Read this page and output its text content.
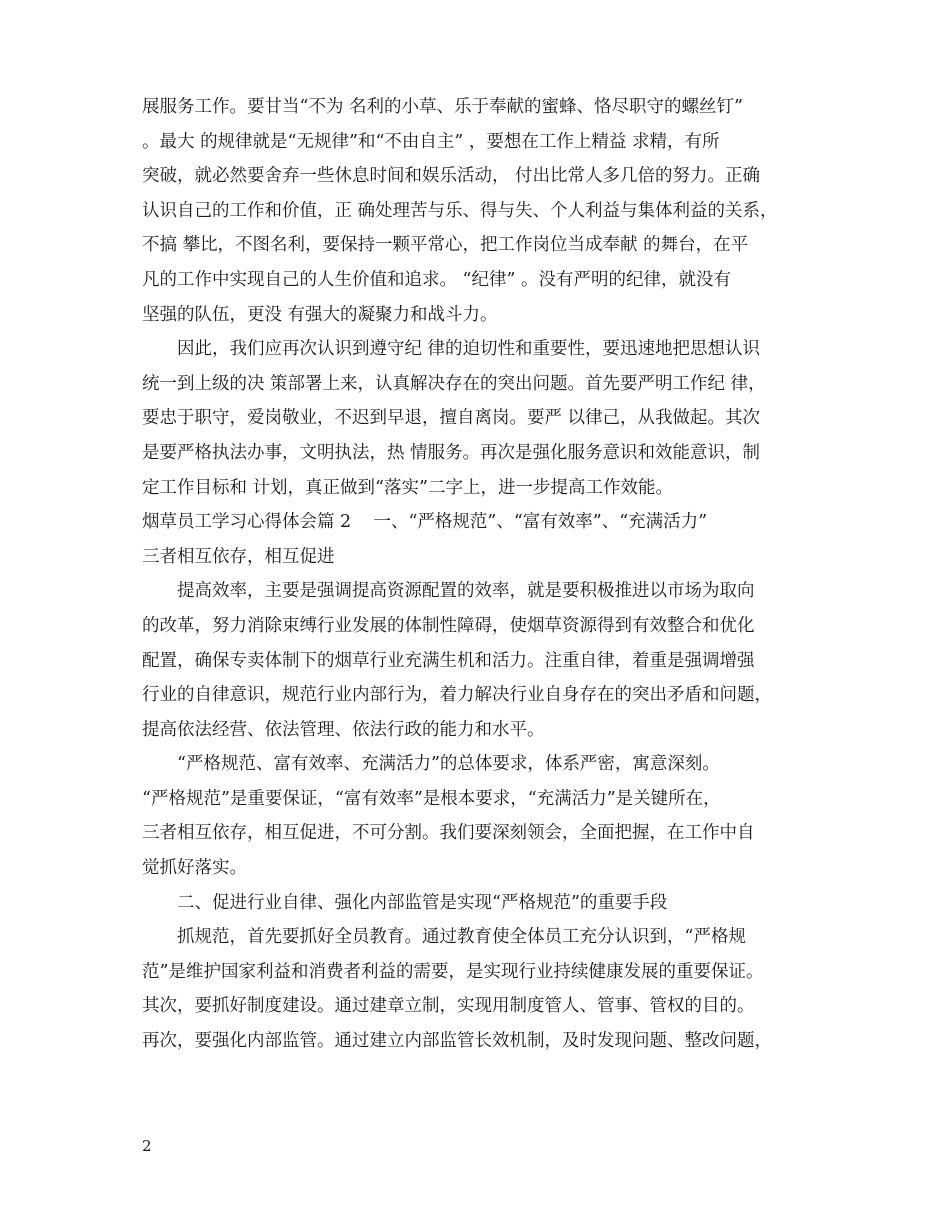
展服务工作。要甘当“不为 名利的小草、乐于奉献的蜜蜂、恪尽职守的螺丝钉”
。最大 的规律就是“无规律”和“不由自主” ，要想在工作上精益 求精，有所
突破，就必然要舍弃一些休息时间和娱乐活动， 付出比常人多几倍的努力。正确
认识自己的工作和价值，正 确处理苦与乐、得与失、个人利益与集体利益的关系，
不搞 攀比，不图名利，要保持一颗平常心，把工作岗位当成奉献 的舞台，在平
凡的工作中实现自己的人生价值和追求。 “纪律” 。没有严明的纪律，就没有
坚强的队伍，更没 有强大的凝聚力和战斗力。
因此，我们应再次认识到遵守纪 律的迫切性和重要性，要迅速地把思想认识
统一到上级的决 策部署上来，认真解决存在的突出问题。首先要严明工作纪 律，
要忠于职守，爱岗敬业，不迟到早退，擅自离岗。要严 以律己，从我做起。其次
是要严格执法办事，文明执法，热 情服务。再次是强化服务意识和效能意识，制
定工作目标和 计划，真正做到“落实”二字上，进一步提高工作效能。
烟草员工学习心得体会篇 2    一、“严格规范”、“富有效率”、“充满活力”
三者相互依存，相互促进
提高效率，主要是强调提高资源配置的效率，就是要积极推进以市场为取向
的改革，努力消除束缚行业发展的体制性障碍，使烟草资源得到有效整合和优化
配置，确保专卖体制下的烟草行业充满生机和活力。注重自律，着重是强调增强
行业的自律意识，规范行业内部行为，着力解决行业自身存在的突出矛盾和问题，
提高依法经营、依法管理、依法行政的能力和水平。
“严格规范、富有效率、充满活力”的总体要求，体系严密，寓意深刻。
“严格规范”是重要保证，“富有效率”是根本要求，“充满活力”是关键所在，
三者相互依存，相互促进，不可分割。我们要深刻领会，全面把握，在工作中自
觉抓好落实。
二、促进行业自律、强化内部监管是实现“严格规范”的重要手段
抓规范，首先要抓好全员教育。通过教育使全体员工充分认识到，“严格规
范”是维护国家利益和消费者利益的需要，是实现行业持续健康发展的重要保证。
其次，要抓好制度建设。通过建章立制，实现用制度管人、管事、管权的目的。
再次，要强化内部监管。通过建立内部监管长效机制，及时发现问题、整改问题，
2
